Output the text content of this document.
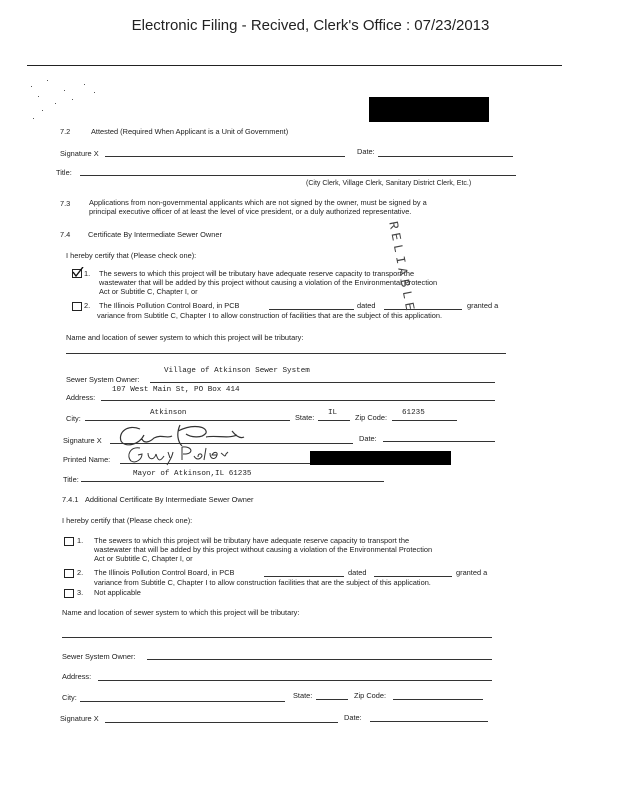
Electronic Filing - Recived, Clerk's Office : 07/23/2013
7.2	Attested (Required When Applicant is a Unit of Government)
Signature X	Date:
Title:
(City Clerk, Village Clerk, Sanitary District Clerk, Etc.)
7.3	Applications from non-governmental applicants which are not signed by the owner, must be signed by a
principal executive officer of at least the level of vice president, or a duly authorized representative.
7.4 Certificate By Intermediate Sewer Owner
I hereby certify that (Please check one):
1. The sewers to which this project will be tributary have adequate reserve capacity to transport the
wastewater that will be added by this project without causing a violation of the Environmental Protection
Act or Subtitle C, Chapter I, or
2. The Illinois Pollution Control Board, in PCB	dated	granted a
variance from Subtitle C, Chapter I to allow construction of facilities that are the subject of this application.
Name and location of sewer system to which this project will be tributary:
Sewer System Owner:
Village of Atkinson Sewer System
Address:
107 West Main St, PO Box 414
City:
Atkinson	State: IL Zip Code: 61235
Signature X	Date:
Printed Name:
Title:
Mayor of Atkinson,IL 61235
RELIABLE
7.4.1 Additional Certificate By Intermediate Sewer Owner
I hereby certify that (Please check one):
1. The sewers to which this project will be tributary have adequate reserve capacity to transport the
wastewater that will be added by this project without causing a violation of the Environmental Protection
Act or Subtitle C, Chapter I, or
2. The Illinois Pollution Control Board, in PCB	dated	granted a
variance from Subtitle C, Chapter I to allow construction facilities that are the subject of this application.
3. Not applicable
Name and location of sewer system to which this project will be tributary:
Sewer System Owner:
Address:
City:	State:	Zip Code:
Signature X	Date:
